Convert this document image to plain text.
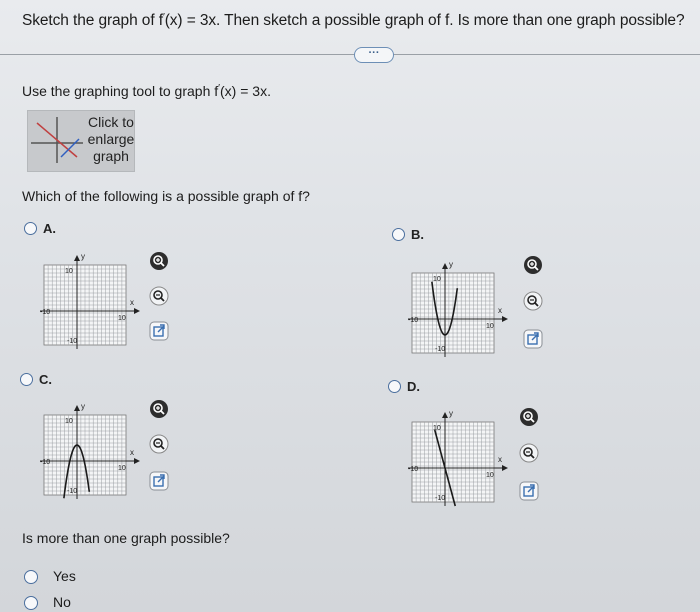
Sketch the graph of f′(x) = 3x. Then sketch a possible graph of f. Is more than one graph possible?
···
Use the graphing tool to graph f′(x) = 3x.
Click to
enlarge
graph
Which of the following is a possible graph of f?
A.
y
x
10
10
-10
-10
B.
y
x
10
10
-10
-10
C.
y
x
10
10
-10
-10
D.
y
x
10
10
-10
-10
Is more than one graph possible?
Yes
No
